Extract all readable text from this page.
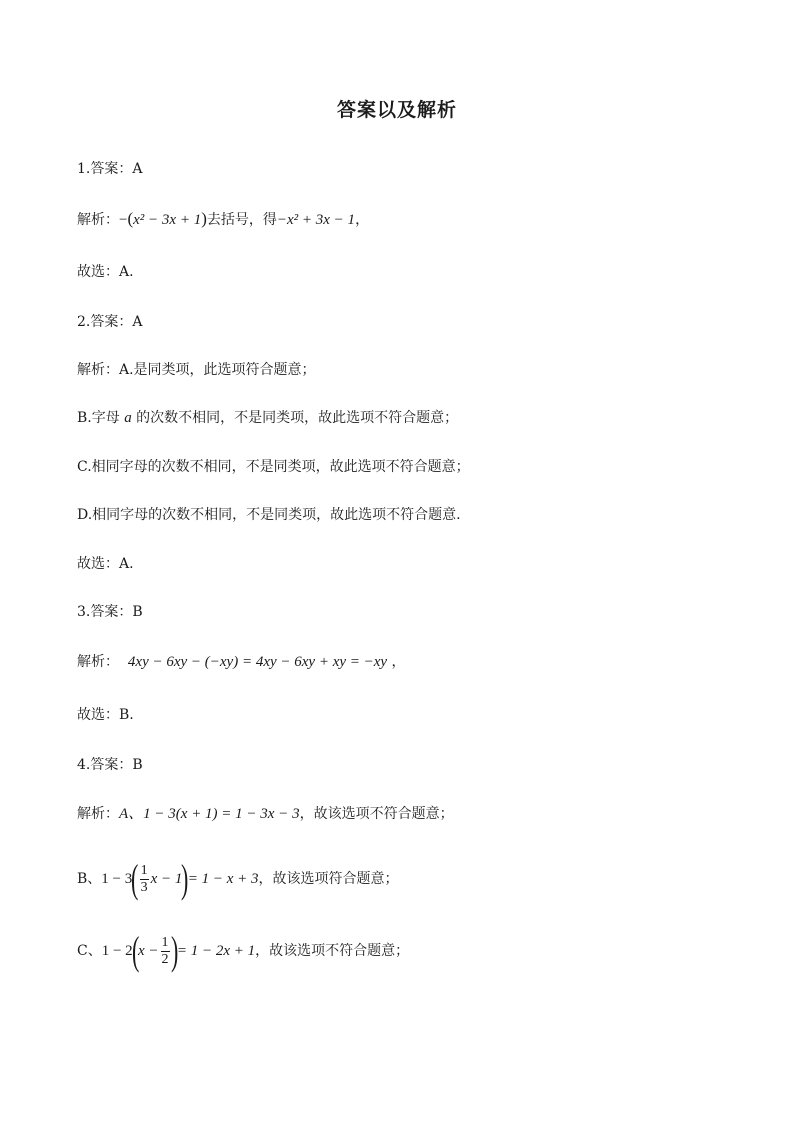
答案以及解析
1.答案：A
解析：−(x² − 3x + 1)去括号，得−x² + 3x − 1，
故选：A.
2.答案：A
解析：A.是同类项，此选项符合题意；
B.字母 a 的次数不相同，不是同类项，故此选项不符合题意；
C.相同字母的次数不相同，不是同类项，故此选项不符合题意；
D.相同字母的次数不相同，不是同类项，故此选项不符合题意.
故选：A.
3.答案：B
解析： 4xy − 6xy − (−xy) = 4xy − 6xy + xy = −xy ，
故选：B.
4.答案：B
解析：A、1 − 3(x + 1) = 1 − 3x − 3，故该选项不符合题意；
B、$1 - 3( \frac{1}{3}$ x − 1)= 1 − x + 3，故该选项符合题意；
C、$1 - 2(x - \frac{1}{2}$ )= 1 − 2x + 1，故该选项不符合题意；
